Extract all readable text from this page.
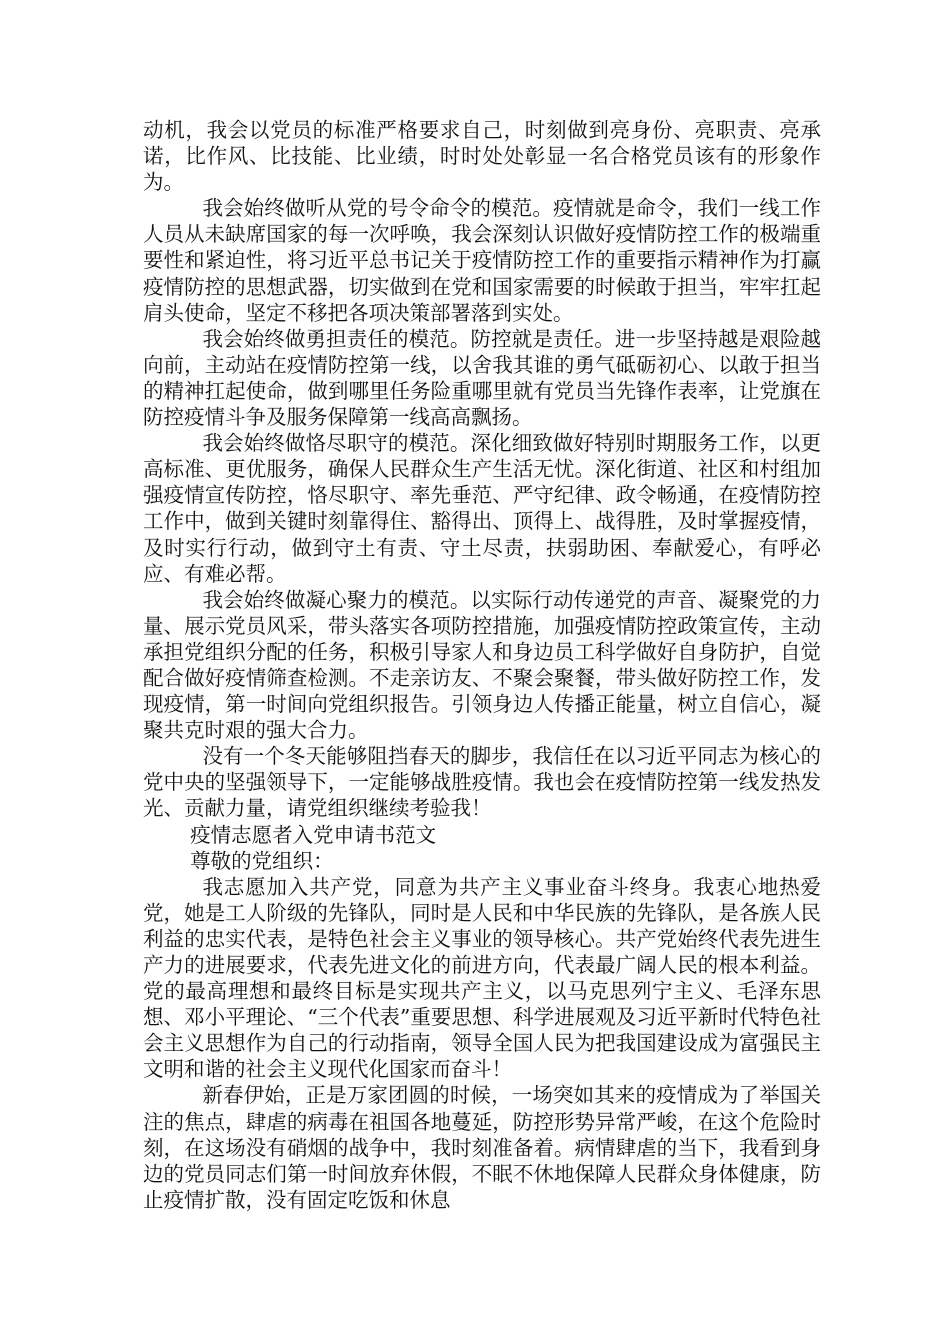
动机，我会以党员的标准严格要求自己，时刻做到亮身份、亮职责、亮承诺，比作风、比技能、比业绩，时时处处彰显一名合格党员该有的形象作为。

我会始终做听从党的号令命令的模范。疫情就是命令，我们一线工作人员从未缺席国家的每一次呼唤，我会深刻认识做好疫情防控工作的极端重要性和紧迫性，将习近平总书记关于疫情防控工作的重要指示精神作为打赢疫情防控的思想武器，切实做到在党和国家需要的时候敢于担当，牢牢扛起肩头使命，坚定不移把各项决策部署落到实处。

我会始终做勇担责任的模范。防控就是责任。进一步坚持越是艰险越向前，主动站在疫情防控第一线，以舍我其谁的勇气砥砺初心、以敢于担当的精神扛起使命，做到哪里任务险重哪里就有党员当先锋作表率，让党旗在防控疫情斗争及服务保障第一线高高飘扬。

我会始终做恪尽职守的模范。深化细致做好特别时期服务工作，以更高标准、更优服务，确保人民群众生产生活无忧。深化街道、社区和村组加强疫情宣传防控，恪尽职守、率先垂范、严守纪律、政令畅通，在疫情防控工作中，做到关键时刻靠得住、豁得出、顶得上、战得胜，及时掌握疫情，及时实行行动，做到守土有责、守土尽责，扶弱助困、奉献爱心，有呼必应、有难必帮。

我会始终做凝心聚力的模范。以实际行动传递党的声音、凝聚党的力量、展示党员风采，带头落实各项防控措施，加强疫情防控政策宣传，主动承担党组织分配的任务，积极引导家人和身边员工科学做好自身防护，自觉配合做好疫情筛查检测。不走亲访友、不聚会聚餐，带头做好防控工作，发现疫情，第一时间向党组织报告。引领身边人传播正能量，树立自信心，凝聚共克时艰的强大合力。

没有一个冬天能够阻挡春天的脚步，我信任在以习近平同志为核心的党中央的坚强领导下，一定能够战胜疫情。我也会在疫情防控第一线发热发光、贡献力量，请党组织继续考验我！

疫情志愿者入党申请书范文

尊敬的党组织：

我志愿加入共产党，同意为共产主义事业奋斗终身。我衷心地热爱党，她是工人阶级的先锋队，同时是人民和中华民族的先锋队，是各族人民利益的忠实代表，是特色社会主义事业的领导核心。共产党始终代表先进生产力的进展要求，代表先进文化的前进方向，代表最广阔人民的根本利益。党的最高理想和最终目标是实现共产主义，以马克思列宁主义、毛泽东思想、邓小平理论、“三个代表”重要思想、科学进展观及习近平新时代特色社会主义思想作为自己的行动指南，领导全国人民为把我国建设成为富强民主文明和谐的社会主义现代化国家而奋斗！

新春伊始，正是万家团圆的时候，一场突如其来的疫情成为了举国关注的焦点，肆虐的病毒在祖国各地蔓延，防控形势异常严峻，在这个危险时刻，在这场没有硝烟的战争中，我时刻准备着。病情肆虐的当下，我看到身边的党员同志们第一时间放弃休假，不眠不休地保障人民群众身体健康，防止疫情扩散，没有固定吃饭和休息
